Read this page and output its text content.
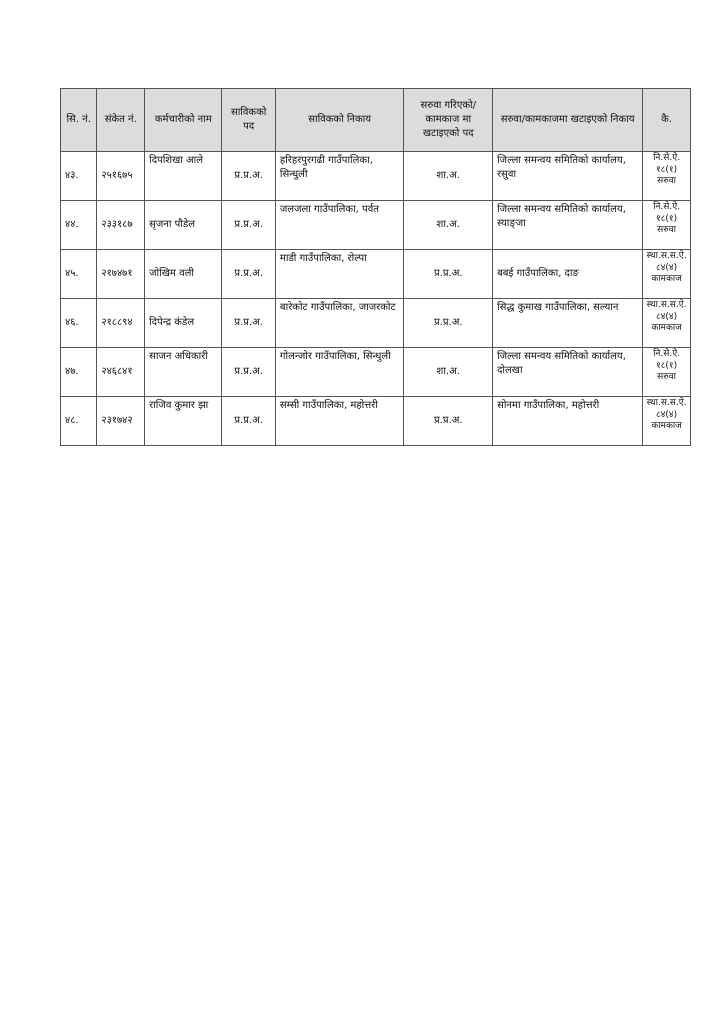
सि. नं.	संकेत नं.	कर्मचारीको नाम	साविकको पद	साविकको निकाय	सरुवा गरिएको/कामकाज मा खटाइएको पद	सरुवा/कामकाजमा खटाइएको निकाय	कै.
४३.	२५१६७५	दिपशिखा आले	प्र.प्र.अ.	हरिहरपुरगढी गाउँपालिका, सिन्धुली	शा.अ.	जिल्ला समन्वय समितिको कार्यालय, रसुवा	नि.से.ऐ.
१८(१)
सरुवा

४४.	२३३१८७	सृजना पौडेल	प्र.प्र.अ.	जलजला गाउँपालिका, पर्वत	शा.अ.	जिल्ला समन्वय समितिको कार्यालय, स्याङ्जा	नि.से.ऐ.
१८(१)
सरुवा

४५.	२१७४७१	जोखिम वली	प्र.प्र.अ.	माडी गाउँपालिका, रोल्पा	प्र.प्र.अ.	बबई गाउँपालिका, दाङ	स्था.स.स.ऐ.
८४(४)
कामकाज

४६.	२१८८९४	दिपेन्द्र कंडेल	प्र.प्र.अ.	बारेकोट गाउँपालिका, जाजरकोट	प्र.प्र.अ.	सिद्ध कुमाख गाउँपालिका, सल्यान	स्था.स.स.ऐ.
८४(४)
कामकाज

४७.	२४६८४१	साजन अधिकारी	प्र.प्र.अ.	गोलन्जोर गाउँपालिका, सिन्धुली	शा.अ.	जिल्ला समन्वय समितिको कार्यालय, दोलखा	नि.से.ऐ.
१८(१)
सरुवा

४८.	२३१७४२	राजिव कुमार झा	प्र.प्र.अ.	सम्सी गाउँपालिका, महोत्तरी	प्र.प्र.अ.	सोनमा गाउँपालिका, महोत्तरी	स्था.स.स.ऐ.
८४(४)
कामकाज
